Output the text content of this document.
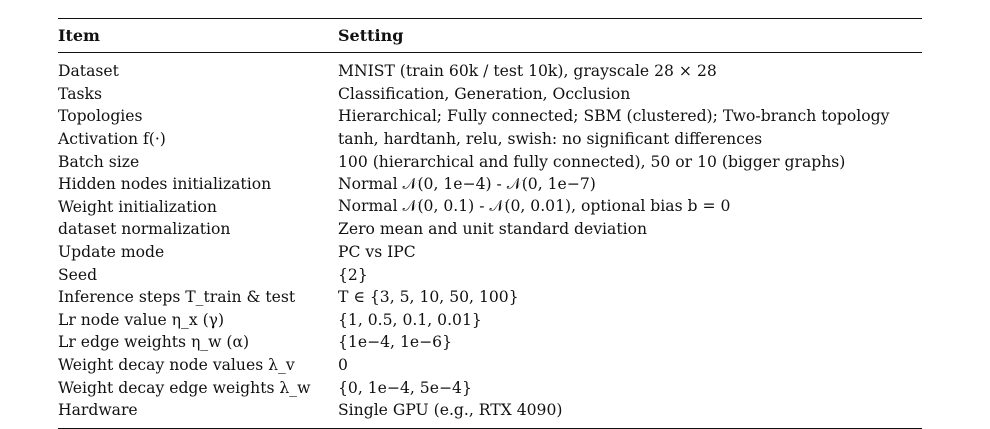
Item	Setting
Dataset	MNIST (train 60k / test 10k), grayscale 28 × 28
Tasks	Classification, Generation, Occlusion
Topologies	Hierarchical; Fully connected; SBM (clustered); Two-branch topology
Activation f(·)	tanh, hardtanh, relu, swish: no significant differences
Batch size	100 (hierarchical and fully connected), 50 or 10 (bigger graphs)
Hidden nodes initialization	Normal 𝒩(0, 1e−4) - 𝒩(0, 1e−7)
Weight initialization	Normal 𝒩(0, 0.1) - 𝒩(0, 0.01), optional bias b = 0
dataset normalization	Zero mean and unit standard deviation
Update mode	PC vs IPC
Seed	{2}
Inference steps T_train & test	T ∈ {3, 5, 10, 50, 100}
Lr node value η_x (γ)	{1, 0.5, 0.1, 0.01}
Lr edge weights η_w (α)	{1e−4, 1e−6}
Weight decay node values λ_v	0
Weight decay edge weights λ_w	{0, 1e−4, 5e−4}
Hardware	Single GPU (e.g., RTX 4090)
